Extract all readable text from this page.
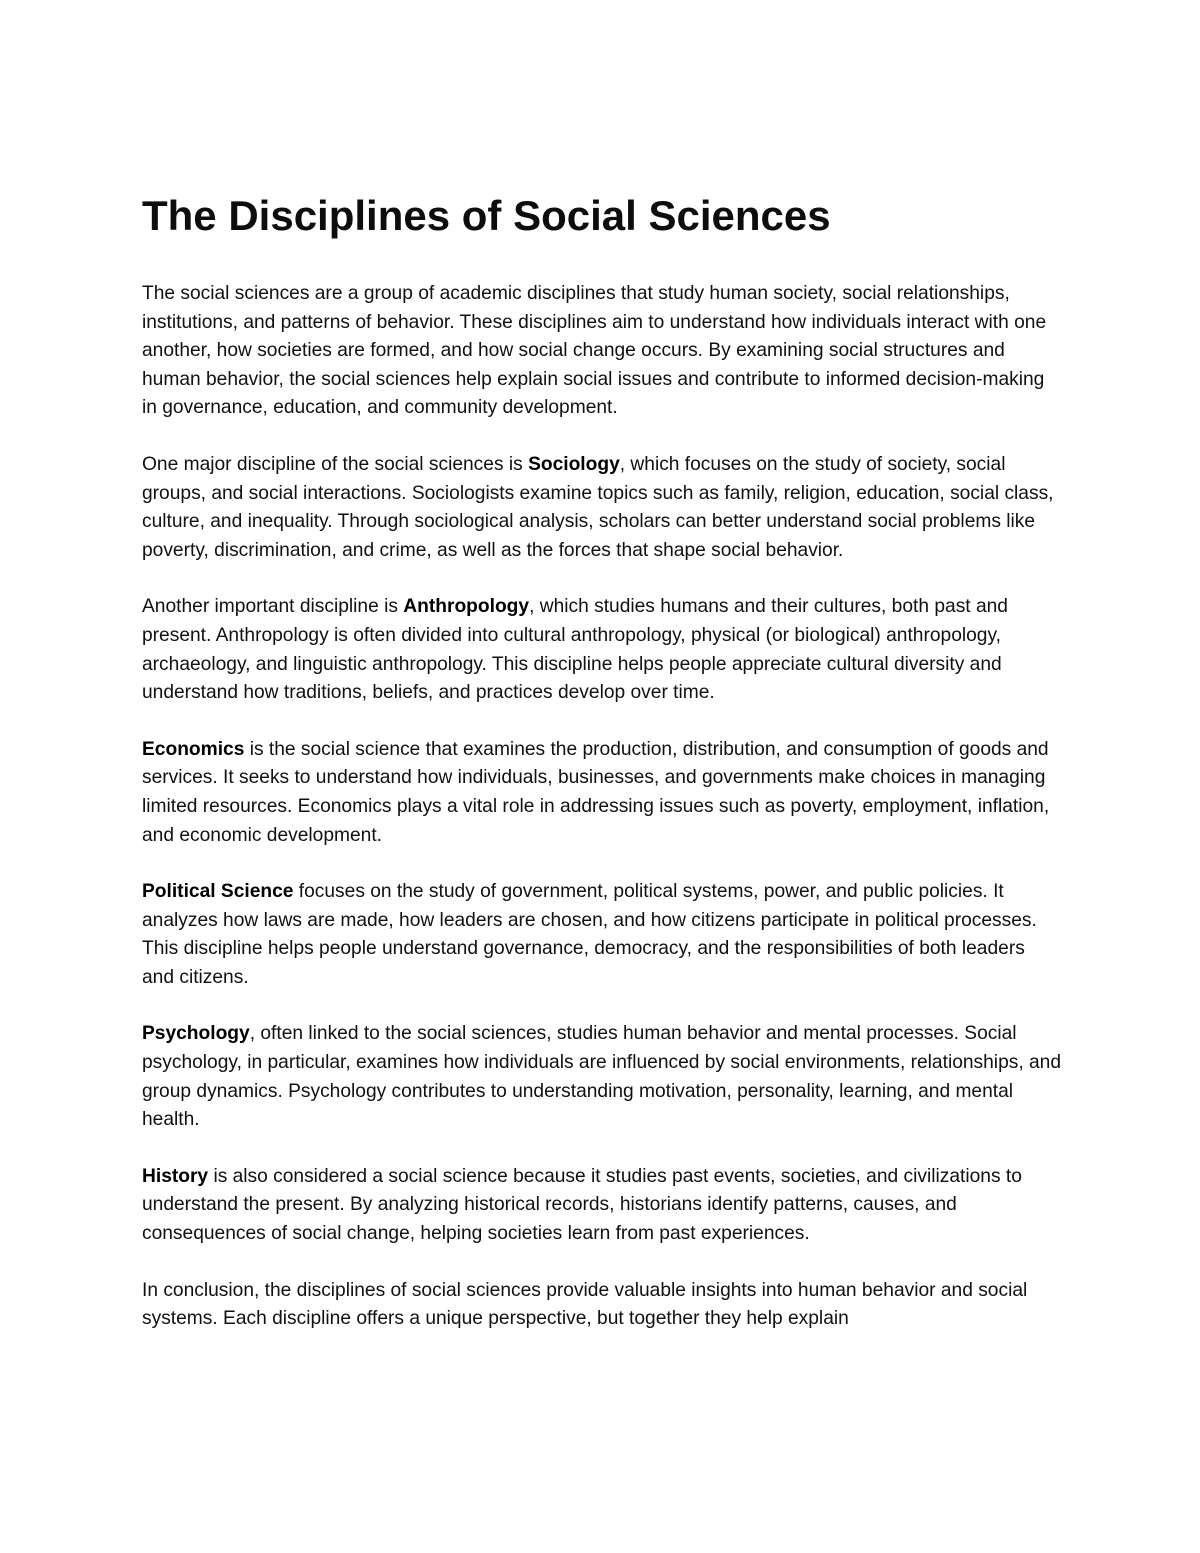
The Disciplines of Social Sciences

The social sciences are a group of academic disciplines that study human society, social relationships, institutions, and patterns of behavior. These disciplines aim to understand how individuals interact with one another, how societies are formed, and how social change occurs. By examining social structures and human behavior, the social sciences help explain social issues and contribute to informed decision-making in governance, education, and community development.

One major discipline of the social sciences is Sociology, which focuses on the study of society, social groups, and social interactions. Sociologists examine topics such as family, religion, education, social class, culture, and inequality. Through sociological analysis, scholars can better understand social problems like poverty, discrimination, and crime, as well as the forces that shape social behavior.

Another important discipline is Anthropology, which studies humans and their cultures, both past and present. Anthropology is often divided into cultural anthropology, physical (or biological) anthropology, archaeology, and linguistic anthropology. This discipline helps people appreciate cultural diversity and understand how traditions, beliefs, and practices develop over time.

Economics is the social science that examines the production, distribution, and consumption of goods and services. It seeks to understand how individuals, businesses, and governments make choices in managing limited resources. Economics plays a vital role in addressing issues such as poverty, employment, inflation, and economic development.

Political Science focuses on the study of government, political systems, power, and public policies. It analyzes how laws are made, how leaders are chosen, and how citizens participate in political processes. This discipline helps people understand governance, democracy, and the responsibilities of both leaders and citizens.

Psychology, often linked to the social sciences, studies human behavior and mental processes. Social psychology, in particular, examines how individuals are influenced by social environments, relationships, and group dynamics. Psychology contributes to understanding motivation, personality, learning, and mental health.

History is also considered a social science because it studies past events, societies, and civilizations to understand the present. By analyzing historical records, historians identify patterns, causes, and consequences of social change, helping societies learn from past experiences.

In conclusion, the disciplines of social sciences provide valuable insights into human behavior and social systems. Each discipline offers a unique perspective, but together they help explain
